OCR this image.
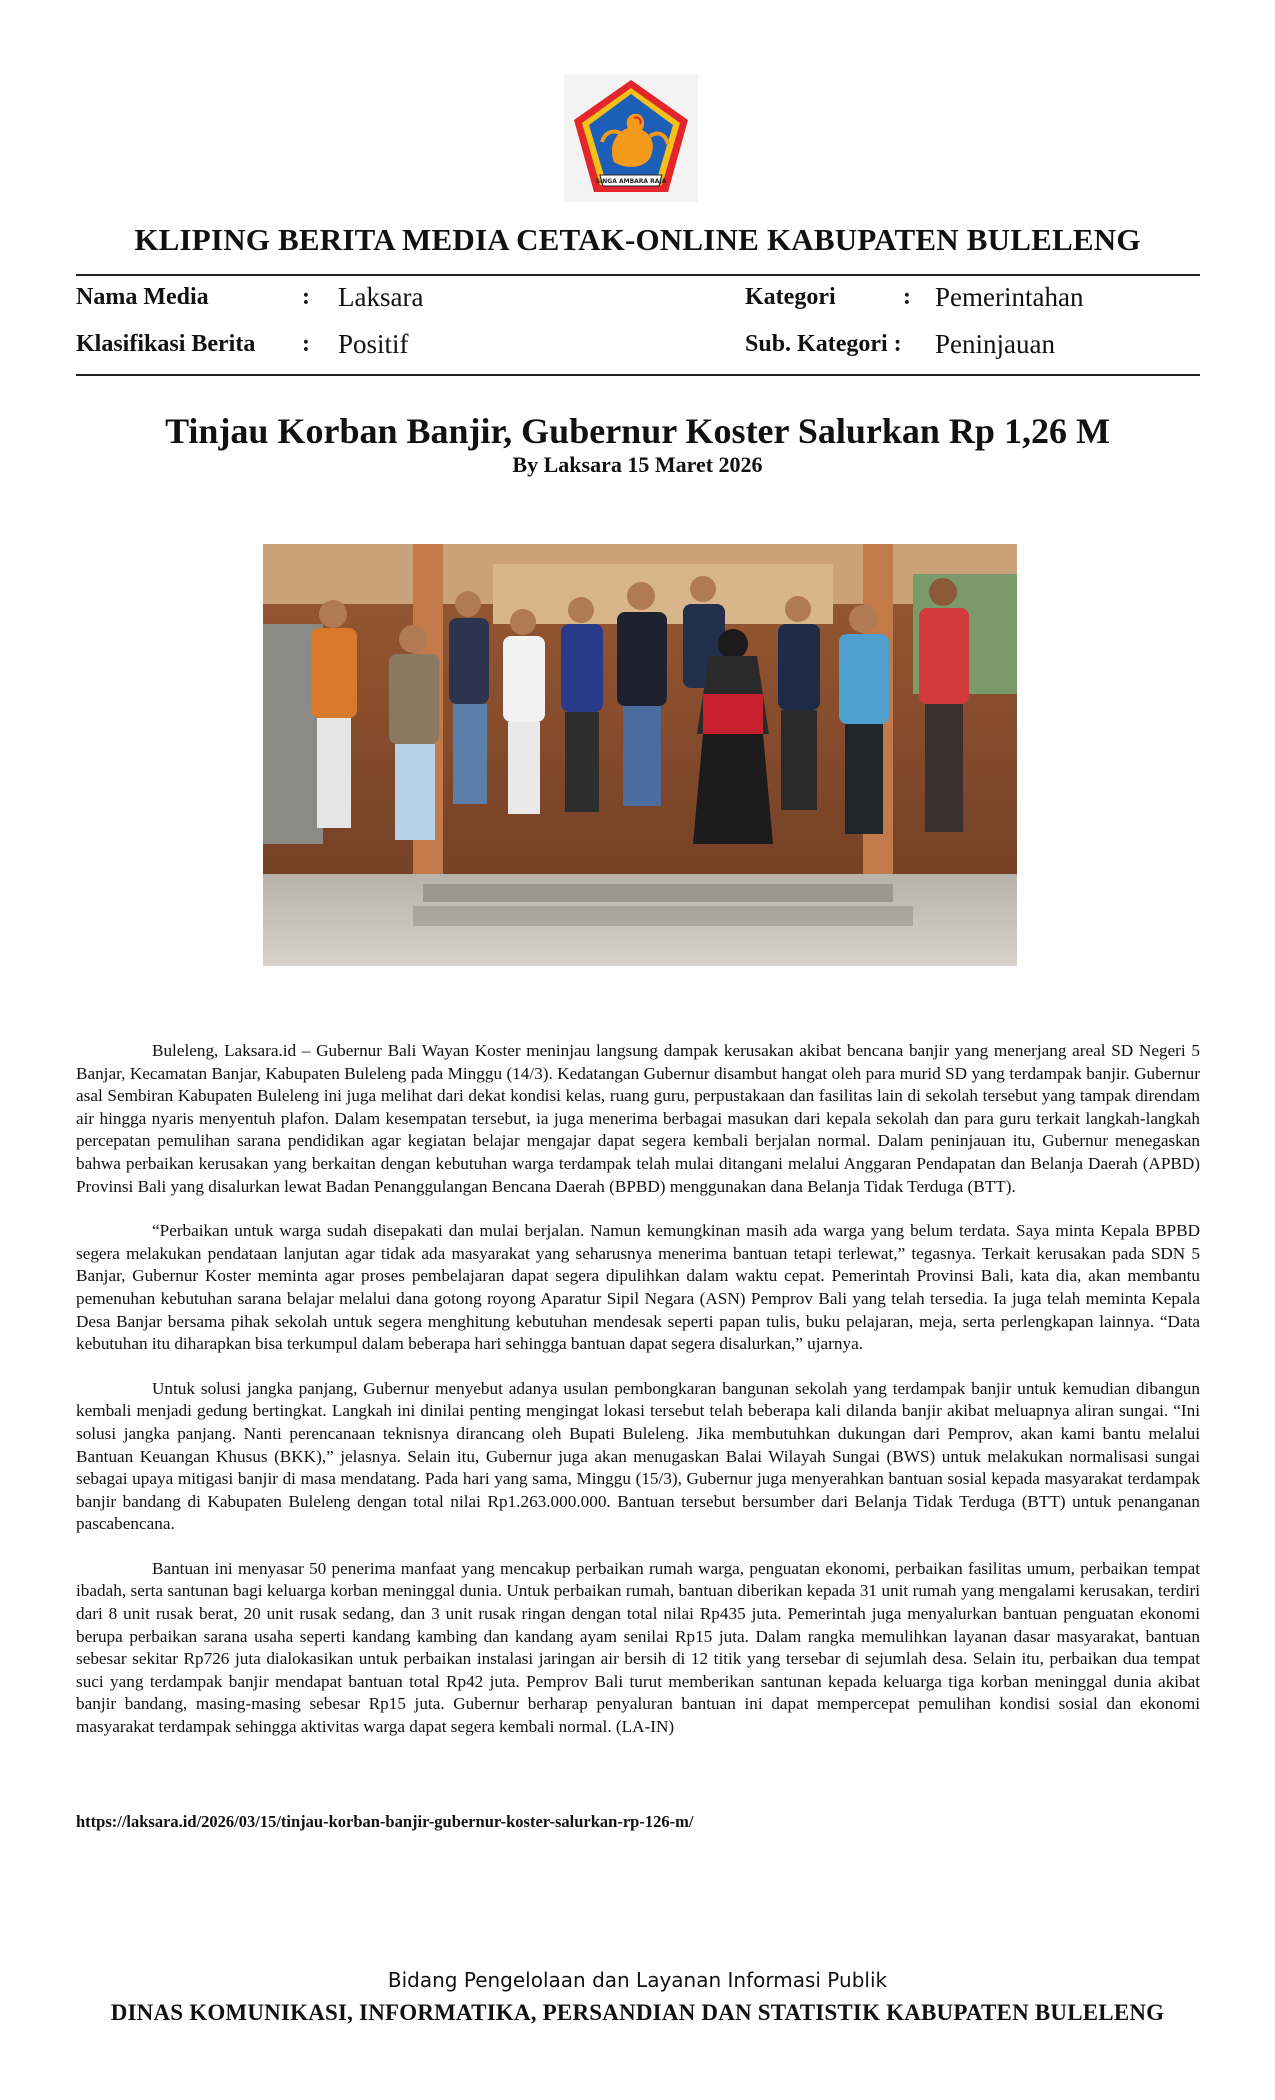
SINGA AMBARA RAJA
KLIPING BERITA MEDIA CETAK-ONLINE KABUPATEN BULELENG
Nama Media	: Laksara	Kategori	: Pemerintahan
Klasifikasi Berita : Positif	Sub. Kategori : Peninjauan
Tinjau Korban Banjir, Gubernur Koster Salurkan Rp 1,26 M
By Laksara 15 Maret 2026

Buleleng, Laksara.id – Gubernur Bali Wayan Koster meninjau langsung dampak kerusakan akibat bencana banjir yang menerjang areal SD Negeri 5 Banjar, Kecamatan Banjar, Kabupaten Buleleng pada Minggu (14/3). Kedatangan Gubernur disambut hangat oleh para murid SD yang terdampak banjir. Gubernur asal Sembiran Kabupaten Buleleng ini juga melihat dari dekat kondisi kelas, ruang guru, perpustakaan dan fasilitas lain di sekolah tersebut yang tampak direndam air hingga nyaris menyentuh plafon. Dalam kesempatan tersebut, ia juga menerima berbagai masukan dari kepala sekolah dan para guru terkait langkah-langkah percepatan pemulihan sarana pendidikan agar kegiatan belajar mengajar dapat segera kembali berjalan normal. Dalam peninjauan itu, Gubernur menegaskan bahwa perbaikan kerusakan yang berkaitan dengan kebutuhan warga terdampak telah mulai ditangani melalui Anggaran Pendapatan dan Belanja Daerah (APBD) Provinsi Bali yang disalurkan lewat Badan Penanggulangan Bencana Daerah (BPBD) menggunakan dana Belanja Tidak Terduga (BTT).

“Perbaikan untuk warga sudah disepakati dan mulai berjalan. Namun kemungkinan masih ada warga yang belum terdata. Saya minta Kepala BPBD segera melakukan pendataan lanjutan agar tidak ada masyarakat yang seharusnya menerima bantuan tetapi terlewat,” tegasnya. Terkait kerusakan pada SDN 5 Banjar, Gubernur Koster meminta agar proses pembelajaran dapat segera dipulihkan dalam waktu cepat. Pemerintah Provinsi Bali, kata dia, akan membantu pemenuhan kebutuhan sarana belajar melalui dana gotong royong Aparatur Sipil Negara (ASN) Pemprov Bali yang telah tersedia. Ia juga telah meminta Kepala Desa Banjar bersama pihak sekolah untuk segera menghitung kebutuhan mendesak seperti papan tulis, buku pelajaran, meja, serta perlengkapan lainnya. “Data kebutuhan itu diharapkan bisa terkumpul dalam beberapa hari sehingga bantuan dapat segera disalurkan,” ujarnya.

Untuk solusi jangka panjang, Gubernur menyebut adanya usulan pembongkaran bangunan sekolah yang terdampak banjir untuk kemudian dibangun kembali menjadi gedung bertingkat. Langkah ini dinilai penting mengingat lokasi tersebut telah beberapa kali dilanda banjir akibat meluapnya aliran sungai. “Ini solusi jangka panjang. Nanti perencanaan teknisnya dirancang oleh Bupati Buleleng. Jika membutuhkan dukungan dari Pemprov, akan kami bantu melalui Bantuan Keuangan Khusus (BKK),” jelasnya. Selain itu, Gubernur juga akan menugaskan Balai Wilayah Sungai (BWS) untuk melakukan normalisasi sungai sebagai upaya mitigasi banjir di masa mendatang. Pada hari yang sama, Minggu (15/3), Gubernur juga menyerahkan bantuan sosial kepada masyarakat terdampak banjir bandang di Kabupaten Buleleng dengan total nilai Rp1.263.000.000. Bantuan tersebut bersumber dari Belanja Tidak Terduga (BTT) untuk penanganan pascabencana.

Bantuan ini menyasar 50 penerima manfaat yang mencakup perbaikan rumah warga, penguatan ekonomi, perbaikan fasilitas umum, perbaikan tempat ibadah, serta santunan bagi keluarga korban meninggal dunia. Untuk perbaikan rumah, bantuan diberikan kepada 31 unit rumah yang mengalami kerusakan, terdiri dari 8 unit rusak berat, 20 unit rusak sedang, dan 3 unit rusak ringan dengan total nilai Rp435 juta. Pemerintah juga menyalurkan bantuan penguatan ekonomi berupa perbaikan sarana usaha seperti kandang kambing dan kandang ayam senilai Rp15 juta. Dalam rangka memulihkan layanan dasar masyarakat, bantuan sebesar sekitar Rp726 juta dialokasikan untuk perbaikan instalasi jaringan air bersih di 12 titik yang tersebar di sejumlah desa. Selain itu, perbaikan dua tempat suci yang terdampak banjir mendapat bantuan total Rp42 juta. Pemprov Bali turut memberikan santunan kepada keluarga tiga korban meninggal dunia akibat banjir bandang, masing-masing sebesar Rp15 juta. Gubernur berharap penyaluran bantuan ini dapat mempercepat pemulihan kondisi sosial dan ekonomi masyarakat terdampak sehingga aktivitas warga dapat segera kembali normal. (LA-IN)

https://laksara.id/2026/03/15/tinjau-korban-banjir-gubernur-koster-salurkan-rp-126-m/
Bidang Pengelolaan dan Layanan Informasi Publik
DINAS KOMUNIKASI, INFORMATIKA, PERSANDIAN DAN STATISTIK KABUPATEN BULELENG
